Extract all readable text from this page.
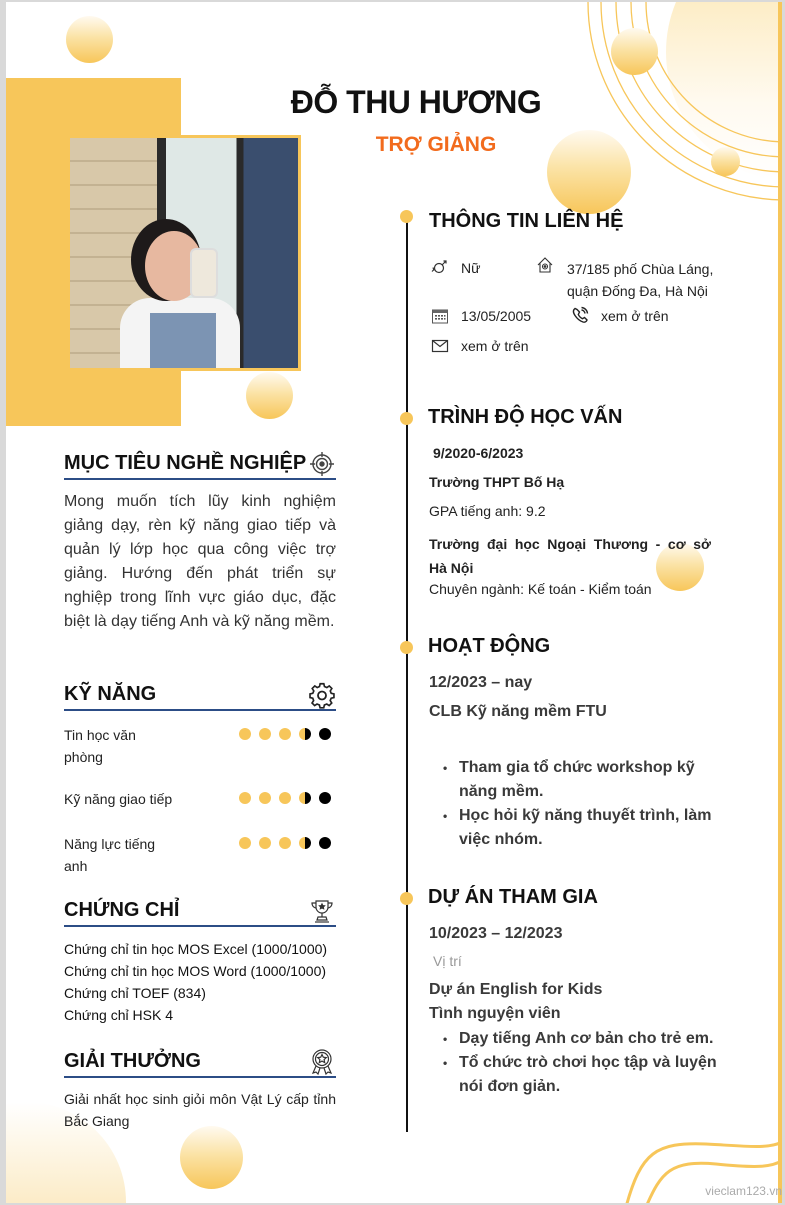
ĐỖ THU HƯƠNG
TRỢ GIẢNG
THÔNG TIN LIÊN HỆ
Nữ	37/185 phố Chùa Láng,
quận Đống Đa, Hà Nội
13/05/2005	xem ở trên
xem ở trên
TRÌNH ĐỘ HỌC VẤN
9/2020-6/2023
Trường THPT Bố Hạ
GPA tiếng anh: 9.2
Trường đại học Ngoại Thương - cơ sở
Hà Nội
Chuyên ngành: Kế toán - Kiểm toán
HOẠT ĐỘNG
12/2023 – nay
CLB Kỹ năng mềm FTU
• Tham gia tổ chức workshop kỹ năng mềm.
• Học hỏi kỹ năng thuyết trình, làm việc nhóm.
DỰ ÁN THAM GIA
10/2023 – 12/2023
Vị trí
Dự án English for Kids
Tình nguyện viên
• Dạy tiếng Anh cơ bản cho trẻ em.
• Tổ chức trò chơi học tập và luyện nói đơn giản.
MỤC TIÊU NGHỀ NGHIỆP
Mong muốn tích lũy kinh nghiệm giảng dạy, rèn kỹ năng giao tiếp và quản lý lớp học qua công việc trợ giảng. Hướng đến phát triển sự nghiệp trong lĩnh vực giáo dục, đặc biệt là dạy tiếng Anh và kỹ năng mềm.
KỸ NĂNG
Tin học văn phòng
Kỹ năng giao tiếp
Năng lực tiếng anh
CHỨNG CHỈ
Chứng chỉ tin học MOS Excel (1000/1000)
Chứng chỉ tin học MOS Word (1000/1000)
Chứng chỉ TOEF (834)
Chứng chỉ HSK 4
GIẢI THƯỞNG
Giải nhất học sinh giỏi môn Vật Lý cấp tỉnh Bắc Giang
vieclam123.vn
